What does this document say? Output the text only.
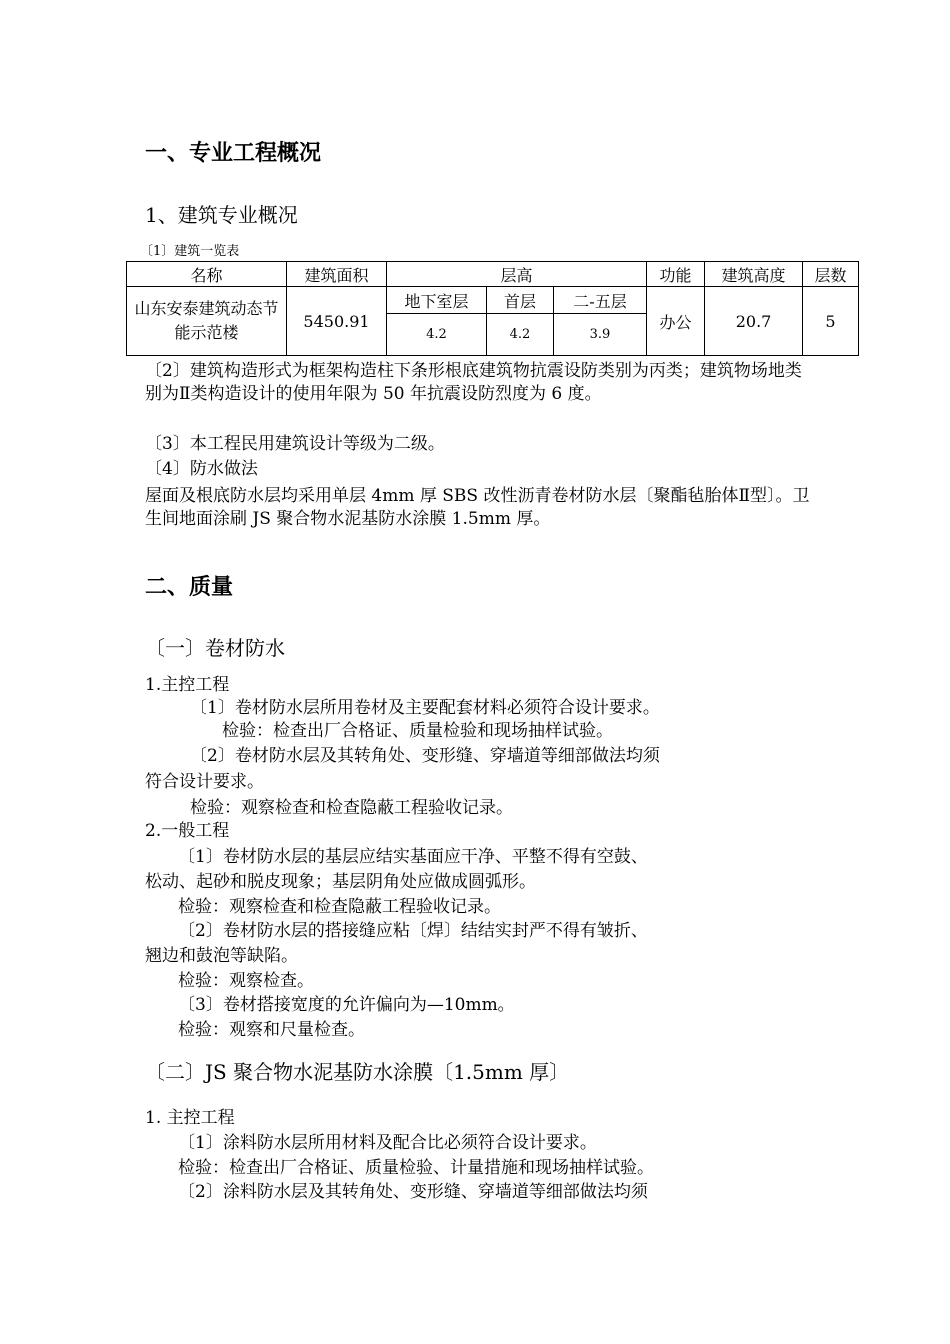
一、专业工程概况
1、建筑专业概况
〔1〕建筑一览表
名称	建筑面积	层高			功能	建筑高度	层数
山东安泰建筑动态节能示范楼	5450.91	地下室层	首层	二-五层	办公	20.7	5
		4.2	4.2	3.9			
〔2〕建筑构造形式为框架构造柱下条形根底建筑物抗震设防类别为丙类；建筑物场地类别为Ⅱ类构造设计的使用年限为 50 年抗震设防烈度为 6 度。
〔3〕本工程民用建筑设计等级为二级。
〔4〕防水做法
屋面及根底防水层均采用单层 4mm 厚 SBS 改性沥青卷材防水层〔聚酯毡胎体Ⅱ型〕。卫生间地面涂刷 JS 聚合物水泥基防水涂膜 1.5mm 厚。
二、质量
〔一〕卷材防水
1.主控工程
〔1〕卷材防水层所用卷材及主要配套材料必须符合设计要求。
检验：检查出厂合格证、质量检验和现场抽样试验。
〔2〕卷材防水层及其转角处、变形缝、穿墙道等细部做法均须
符合设计要求。
检验：观察检查和检查隐蔽工程验收记录。
2.一般工程
〔1〕卷材防水层的基层应结实基面应干净、平整不得有空鼓、
松动、起砂和脱皮现象；基层阴角处应做成圆弧形。
检验：观察检查和检查隐蔽工程验收记录。
〔2〕卷材防水层的搭接缝应粘〔焊〕结结实封严不得有皱折、
翘边和鼓泡等缺陷。
检验：观察检查。
〔3〕卷材搭接宽度的允许偏向为—10mm。
检验：观察和尺量检查。
〔二〕JS 聚合物水泥基防水涂膜〔1.5mm 厚〕
1. 主控工程
〔1〕涂料防水层所用材料及配合比必须符合设计要求。
检验：检查出厂合格证、质量检验、计量措施和现场抽样试验。
〔2〕涂料防水层及其转角处、变形缝、穿墙道等细部做法均须
